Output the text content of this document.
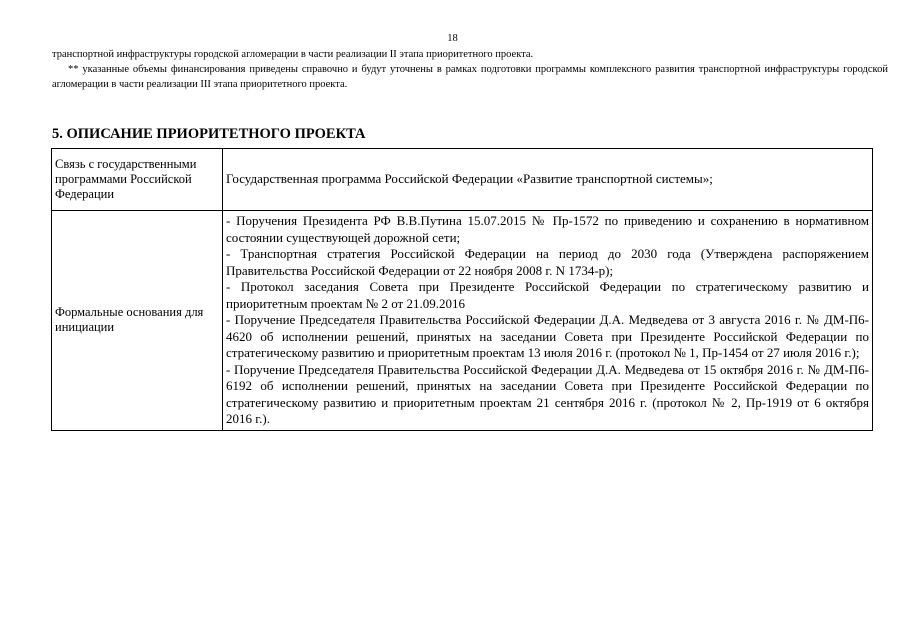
18
транспортной инфраструктуры городской агломерации в части реализации II этапа приоритетного проекта.
** указанные объемы финансирования приведены справочно и будут уточнены в рамках подготовки программы комплексного развития транспортной инфраструктуры городской агломерации в части реализации III этапа приоритетного проекта.
5. ОПИСАНИЕ ПРИОРИТЕТНОГО ПРОЕКТА
Связь с государственными программами Российской Федерации	Государственная программа Российской Федерации «Развитие транспортной системы»;
Формальные основания для инициации	- Поручения Президента РФ В.В.Путина 15.07.2015 № Пр-1572 по приведению и сохранению в нормативном состоянии существующей дорожной сети;

- Транспортная стратегия Российской Федерации на период до 2030 года (Утверждена распоряжением Правительства Российской Федерации от 22 ноября 2008 г. N 1734-р);

- Протокол заседания Совета при Президенте Российской Федерации по стратегическому развитию и приоритетным проектам № 2 от 21.09.2016

- Поручение Председателя Правительства Российской Федерации Д.А. Медведева от 3 августа 2016 г. № ДМ-П6-4620 об исполнении решений, принятых на заседании Совета при Президенте Российской Федерации по стратегическому развитию и приоритетным проектам 13 июля 2016 г. (протокол № 1, Пр-1454 от 27 июля 2016 г.);

- Поручение Председателя Правительства Российской Федерации Д.А. Медведева от 15 октября 2016 г. № ДМ-П6-6192 об исполнении решений, принятых на заседании Совета при Президенте Российской Федерации по стратегическому развитию и приоритетным проектам 21 сентября 2016 г. (протокол № 2, Пр-1919 от 6 октября 2016 г.).
